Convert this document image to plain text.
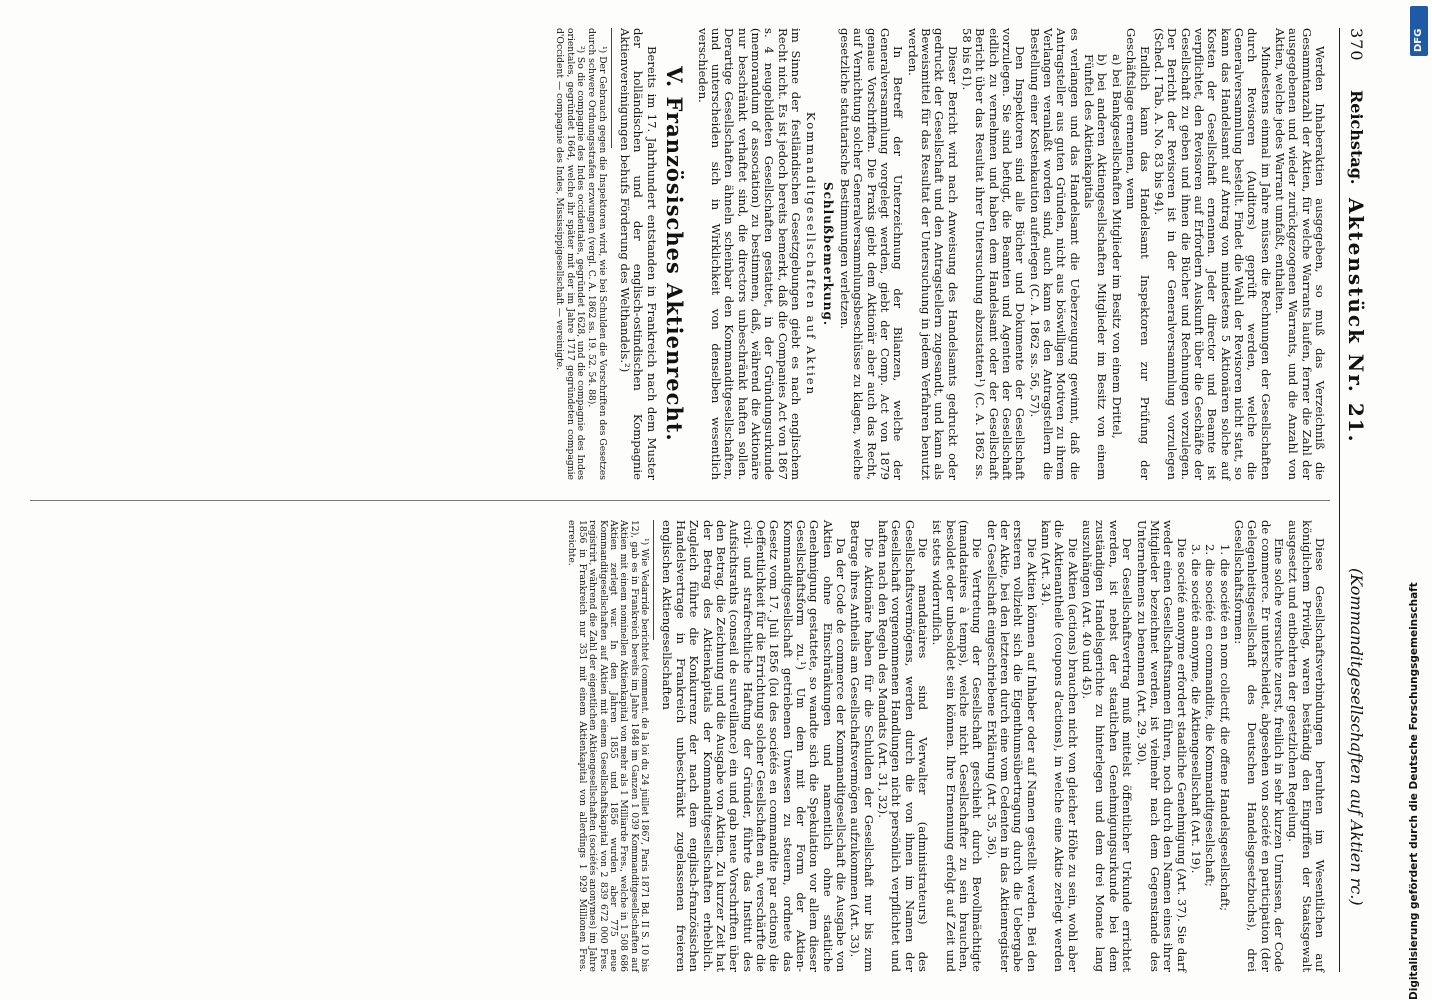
370
Reichstag.
Aktenstück Nr. 21.
(Kommanditgesellschaften auf Aktien rc.)

Werden Inhaberaktien ausgegeben, so muß das Verzeichniß die Gesammtanzahl der Aktien, für welche Warrants laufen, ferner die Zahl der ausgegebenen und wieder zurückgezogenen Warrants, und die Anzahl von Aktien, welche jedes Warrant umfaßt, enthalten.

Mindestens einmal im Jahre müssen die Rechnungen der Gesellschaften durch Revisoren (Auditors) geprüft werden, welche die Generalversammlung bestellt. Findet die Wahl der Revisoren nicht statt, so kann das Handelsamt auf Antrag von mindestens 5 Aktionären solche auf Kosten der Gesellschaft ernennen. Jeder director und Beamte ist verpflichtet, den Revisoren auf Erfordern Auskunft über die Geschäfte der Gesellschaft zu geben und ihnen die Bücher und Rechnungen vorzulegen. Der Bericht der Revisoren ist in der Generalversammlung vorzulegen (Sched. I Tab. A. No. 83 bis 94).

Endlich kann das Handelsamt Inspektoren zur Prüfung der Geschäftslage ernennen, wenn

a) bei Bankgesellschaften Mitglieder im Besitz von einem Drittel,

b) bei anderen Aktiengesellschaften Mitglieder im Besitz von einem Fünftel des Aktienkapitals

es verlangen und das Handelsamt die Ueberzeugung gewinnt, daß die Antragsteller aus guten Gründen, nicht aus böswilligen Motiven zu ihrem Verlangen veranlaßt worden sind, auch kann es den Antragstellern die Bestellung einer Kostenkaution auferlegen (C. A. 1862 ss. 56, 57).

Den Inspektoren sind alle Bücher und Dokumente der Gesellschaft vorzulegen. Sie sind befugt, die Beamten und Agenten der Gesellschaft eidlich zu vernehmen und haben dem Handelsamt oder der Gesellschaft Bericht über das Resultat ihrer Untersuchung abzustatten¹) (C. A. 1862 ss. 58 bis 61).

Dieser Bericht wird nach Anweisung des Handelsamts gedruckt oder gedruckt der Gesellschaft und den Antragstellern zugesandt, und kann als Beweismittel für das Resultat der Untersuchung in jedem Verfahren benutzt werden.

In Betreff der Unterzeichnung der Bilanzen, welche der Generalversammlung vorgelegt werden, giebt der Comp. Act von 1879 genaue Vorschriften. Die Praxis giebt dem Aktionär aber auch das Recht, auf Vernichtung solcher Generalversammlungsbeschlüsse zu klagen, welche gesetzliche statutarische Bestimmungen verletzen.

Schlußbemerkung.
Kommanditgesellschaften auf Aktien

im Sinne der festländischen Gesetzgebungen giebt es nach englischem Recht nicht. Es ist jedoch bereits bemerkt, daß die Companies Act von 1867 s. 4 neugebildeten Gesellschaften gestattet, in der Gründungsurkunde (memorandum of association) zu bestimmen, daß, während die Aktionäre nur beschränkt verhaftet sind, die directors unbeschränkt haften sollen. Derartige Gesellschaften ähneln scheinbar den Kommanditgesellschaften, und unterscheiden sich in Wirklichkeit von denselben wesentlich verschieden.

V. Französisches Aktienrecht.

Bereits im 17. Jahrhundert entstanden in Frankreich nach dem Muster der holländischen und der englisch-ostindischen Kompagnie Aktienvereinigungen behufs Förderung des Welthandels.²)

¹) Der Gebrauch gegen die Inspektoren wird, wie bei Schulden die Vorschriften des Gesetzes durch schwere Ordnungsstrafen erzwungen (vergl. C. A. 1862 ss. 19. 52. 54. 88).

²) So die compagnie des Indes occidentales, gegründet 1628, und die compagnie des Indes orientales, gegründet 1664, welche ihr später mit der im Jahre 1717 gegründeten compagnie d'Occident — compagnie des Indes, Mississippigesellschaft — vereinigte.

Diese Gesellschaftsverbindungen beruhten im Wesentlichen auf königlichem Privileg, waren beständig den Eingriffen der Staatsgewalt ausgesetzt und entbehrten der gesetzlichen Regelung.

Eine solche versuchte zuerst, freilich in sehr kurzen Umrissen, der Code de commerce. Er unterscheidet, abgesehen von société en participation (der Gelegenheitsgesellschaft des Deutschen Handelsgesetzbuchs), drei Gesellschaftsformen:

1. die société en nom collectif, die offene Handelsgesellschaft;

2. die société en commandite, die Kommanditgesellschaft;

3. die société anonyme, die Aktiengesellschaft (Art. 19).

Die société anonyme erfordert staatliche Genehmigung (Art. 37). Sie darf weder einen Gesellschaftsnamen führen, noch durch den Namen eines ihrer Mitglieder bezeichnet werden, ist vielmehr nach dem Gegenstande des Unternehmens zu benennen (Art. 29, 30).

Der Gesellschaftsvertrag muß mittelst öffentlicher Urkunde errichtet werden, ist nebst der staatlichen Genehmigungsurkunde bei dem zuständigen Handelsgerichte zu hinterlegen und dem drei Monate lang auszuhängen (Art. 40 und 45).

Die Aktien (actions) brauchen nicht von gleicher Höhe zu sein, wohl aber die Aktienantheile (coupons d'actions), in welche eine Aktie zerlegt werden kann (Art. 34).

Die Aktien können auf Inhaber oder auf Namen gestellt werden. Bei den ersteren vollzieht sich die Eigenthumsübertragung durch die Uebergabe der Aktie, bei den letzteren durch eine vom Cedenten in das Aktienregister der Gesellschaft eingeschriebene Erklärung (Art. 35, 36).

Die Vertretung der Gesellschaft geschieht durch Bevollmächtigte (mandataires à temps), welche nicht Gesellschafter zu sein brauchen, besoldet oder unbesoldet sein können. Ihre Ernennung erfolgt auf Zeit und ist stets widerruflich.

Die mandataires sind Verwalter (administrateurs) des Gesellschaftsvermögens, werden durch die von ihnen im Namen der Gesellschaft vorgenommenen Handlungen nicht persönlich verpflichtet und haften nach den Regeln des Mandats (Art. 31, 32).

Die Aktionäre haben für die Schulden der Gesellschaft nur bis zum Betrage ihres Antheils am Gesellschaftsvermögen aufzukommen (Art. 33).

Da der Code de commerce der Kommanditgesellschaft die Ausgabe von Aktien ohne Einschränkungen und namentlich ohne staatliche Genehmigung gestattete, so wandte sich die Spekulation vor allem dieser Gesellschaftsform zu.¹) Um dem mit der Form der Aktien-Kommanditgesellschaft getriebenen Unwesen zu steuern, ordnete das Gesetz vom 17. Juli 1856 (loi des sociétés en commandite par actions) die Oeffentlichkeit für die Errichtung solcher Gesellschaften an, verschärfte die civil- und strafrechtliche Haftung der Gründer, führte das Institut des Aufsichtsraths (conseil de surveillance) ein und gab neue Vorschriften über den Betrag, die Zeichnung und die Ausgabe von Aktien. Zu kurzer Zeit hat der Betrag des Aktienkapitals der Kommanditgesellschaften erheblich. Zugleich führte die Konkurrenz der nach dem englisch-französischen Handelsvertrage in Frankreich unbeschränkt zugelassenen freieren englischen Aktiengesellschaften

¹) Wie Vedarride berichtet (comment. de la loi du 24 juillet 1867, Paris 1871 Bd. II S. 10 bis 12), gab es in Frankreich bereits im Jahre 1848 im Ganzen 1 039 Kommanditgesellschaften auf Aktien mit einem nominellen Aktienkapital von mehr als 1 Milliarde Fres., welche in 1 508 686 Aktien zerlegt war. In den Jahren 1855 und 1856 wurden aber 775 neue Kommanditgesellschaften auf Aktien mit einem Gesellschaftskapital von 2 839 672 000 Fres. registrirt, während die Zahl der eigentlichen Aktiengesellschaften (sociétés anonymes) im Jahre 1856 in Frankreich nur 351 mit einem Aktienkapital von allerdings 1 929 Millionen Fres. erreichte.

Digitalisierung gefördert durch die Deutsche Forschungsgemeinschaft
DFG
